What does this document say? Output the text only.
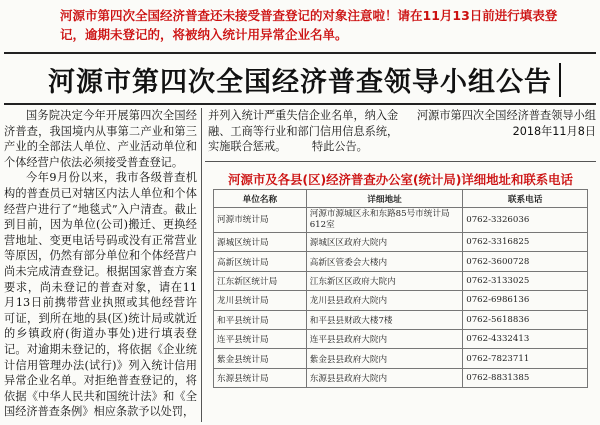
河源市第四次全国经济普查还未接受普查登记的对象注意啦！请在11月13日前进行填表登记，逾期未登记的，将被纳入统计用异常企业名单。
河源市第四次全国经济普查领导小组公告

国务院决定今年开展第四次全国经济普查，我国境内从事第二产业和第三产业的全部法人单位、产业活动单位和个体经营户依法必须接受普查登记。

今年9月份以来，我市各级普查机构的普查员已对辖区内法人单位和个体经营户进行了“地毯式”入户清查。截止到目前，因为单位(公司)搬迁、更换经营地址、变更电话号码或没有正常营业等原因，仍然有部分单位和个体经营户尚未完成清查登记。根据国家普查方案要求，尚未登记的普查对象，请在11月13日前携带营业执照或其他经营许可证，到所在地的县(区)统计局或就近的乡镇政府(街道办事处)进行填表登记。对逾期未登记的，将依据《企业统计信用管理办法(试行)》列入统计信用异常企业名单。对拒绝普查登记的，将依据《中华人民共和国统计法》和《全国经济普查条例》相应条款予以处罚，

并列入统计严重失信企业名单，纳入金融、工商等行业和部门信用信息系统，实施联合惩戒。 特此公告。
河源市第四次全国经济普查领导小组
2018年11月8日
河源市及各县(区)经济普查办公室(统计局)详细地址和联系电话
单位名称	详细地址	联系电话
河源市统计局	河源市源城区永和东路85号市统计局612室	0762-3326036
源城区统计局	源城区区政府大院内	0762-3316825
高新区统计局	高新区管委会大楼内	0762-3600728
江东新区统计局	江东新区区政府大院内	0762-3133025
龙川县统计局	龙川县县政府大院内	0762-6986136
和平县统计局	和平县县财政大楼7楼	0762-5618836
连平县统计局	连平县县政府大院内	0762-4332413
紫金县统计局	紫金县县政府大院内	0762-7823711
东源县统计局	东源县县政府大院内	0762-8831385
